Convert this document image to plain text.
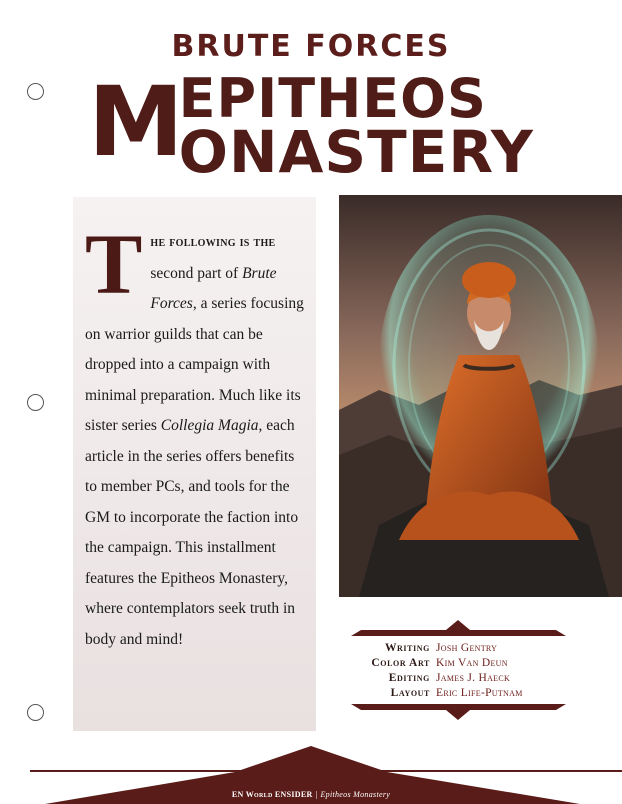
BRUTE FORCES
M
EPITHEOS
ONASTERY
T he following is the second part of Brute Forces, a series focusing on warrior guilds that can be dropped into a campaign with minimal preparation. Much like its sister series Collegia Magia, each article in the series offers benefits to member PCs, and tools for the GM to incorporate the faction into the campaign. This installment features the Epitheos Monastery, where contemplators seek truth in body and mind!

Writing Josh Gentry
Color Art Kim Van Deun
Editing James J. Haeck
Layout Eric Life-Putnam
EN World ENSIDER | Epitheos Monastery
